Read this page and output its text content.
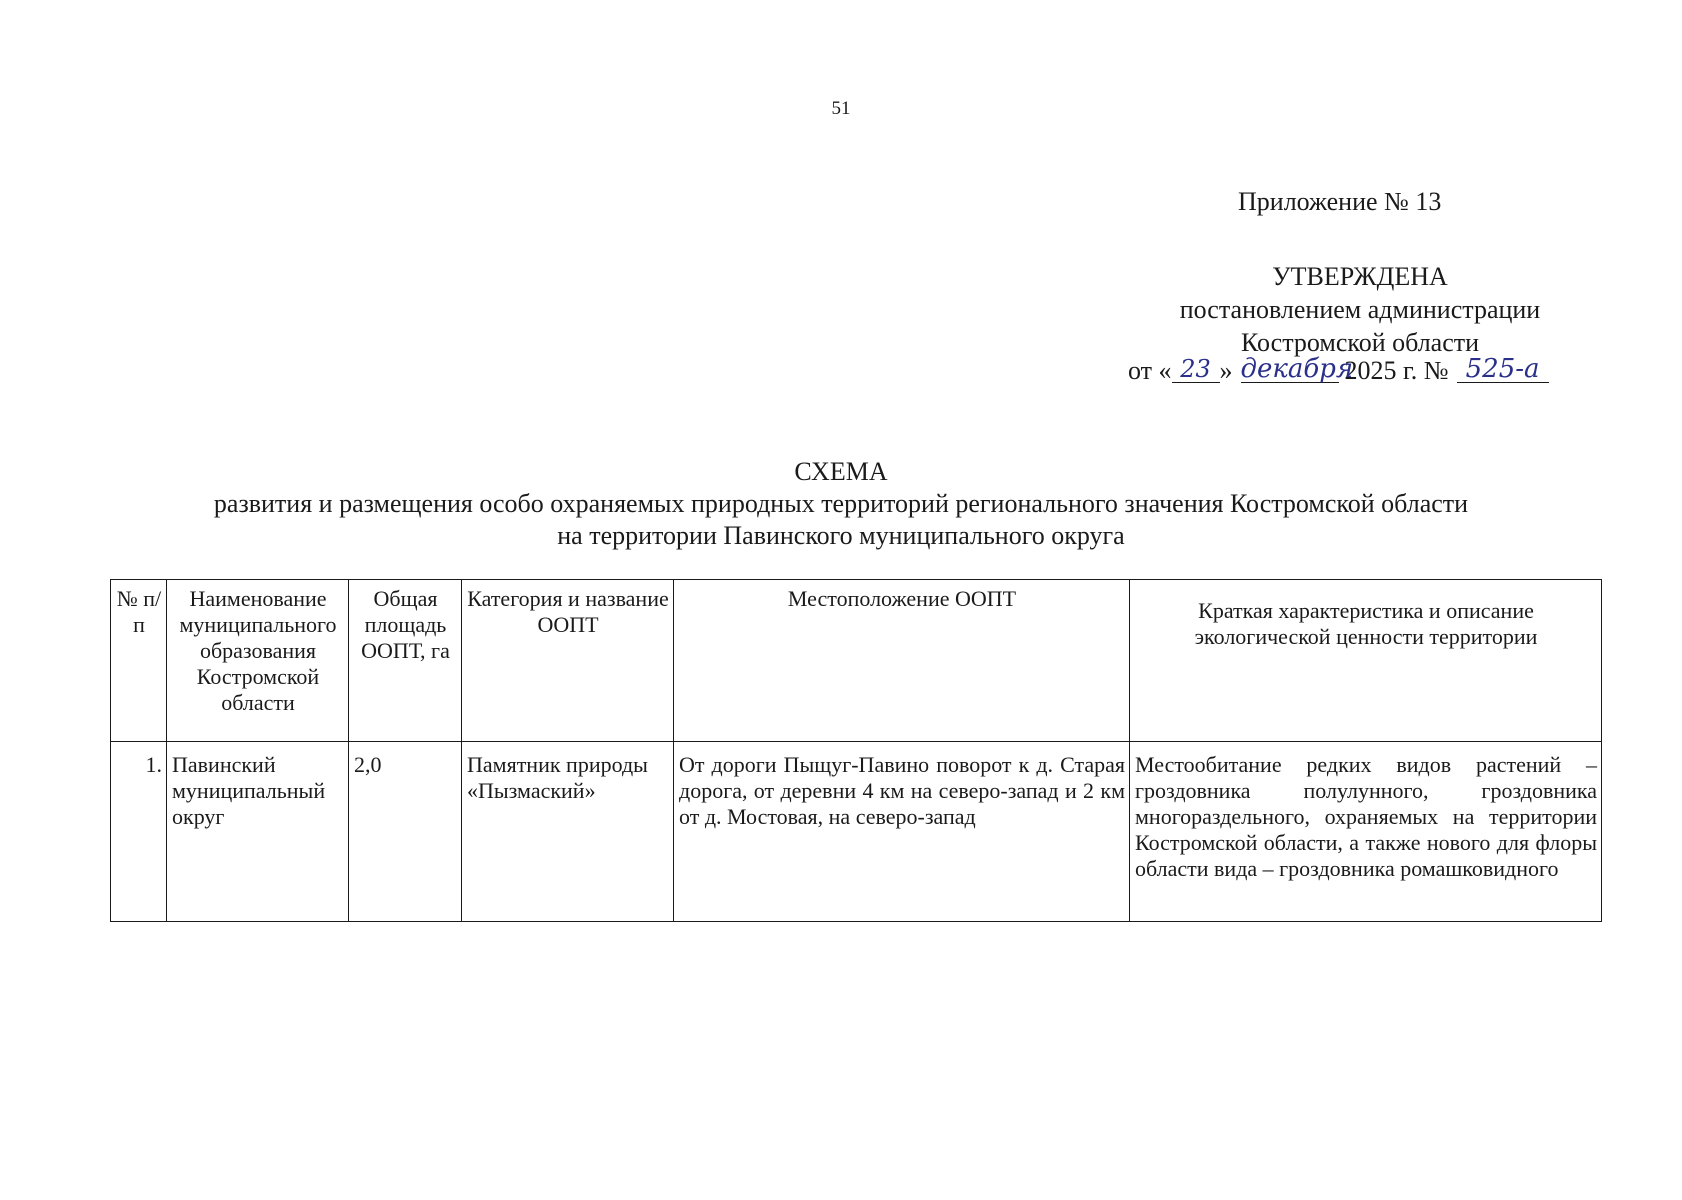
51
Приложение № 13
УТВЕРЖДЕНА
постановлением администрации
Костромской области
от « 23 » декабря
2025 г. № 525-а
СХЕМА
развития и размещения особо охраняемых природных территорий регионального значения Костромской области
на территории Павинского муниципального округа
№ п/п	Наименование муниципального образования Костромской области	Общая площадь ООПТ, га	Категория и название ООПТ	Местоположение ООПТ	Краткая характеристика и описание экологической ценности территории

1.	Павинский муниципальный округ	2,0	Памятник природы «Пызмаский»	От дороги Пыщуг-Павино поворот к д. Старая дорога, от деревни 4 км на северо-запад и 2 км от д. Мостовая, на северо-запад	Местообитание редких видов растений – гроздовника полулунного, гроздовника многораздельного, охраняемых на территории Костромской области, а также нового для флоры области вида – гроздовника ромашковидного
